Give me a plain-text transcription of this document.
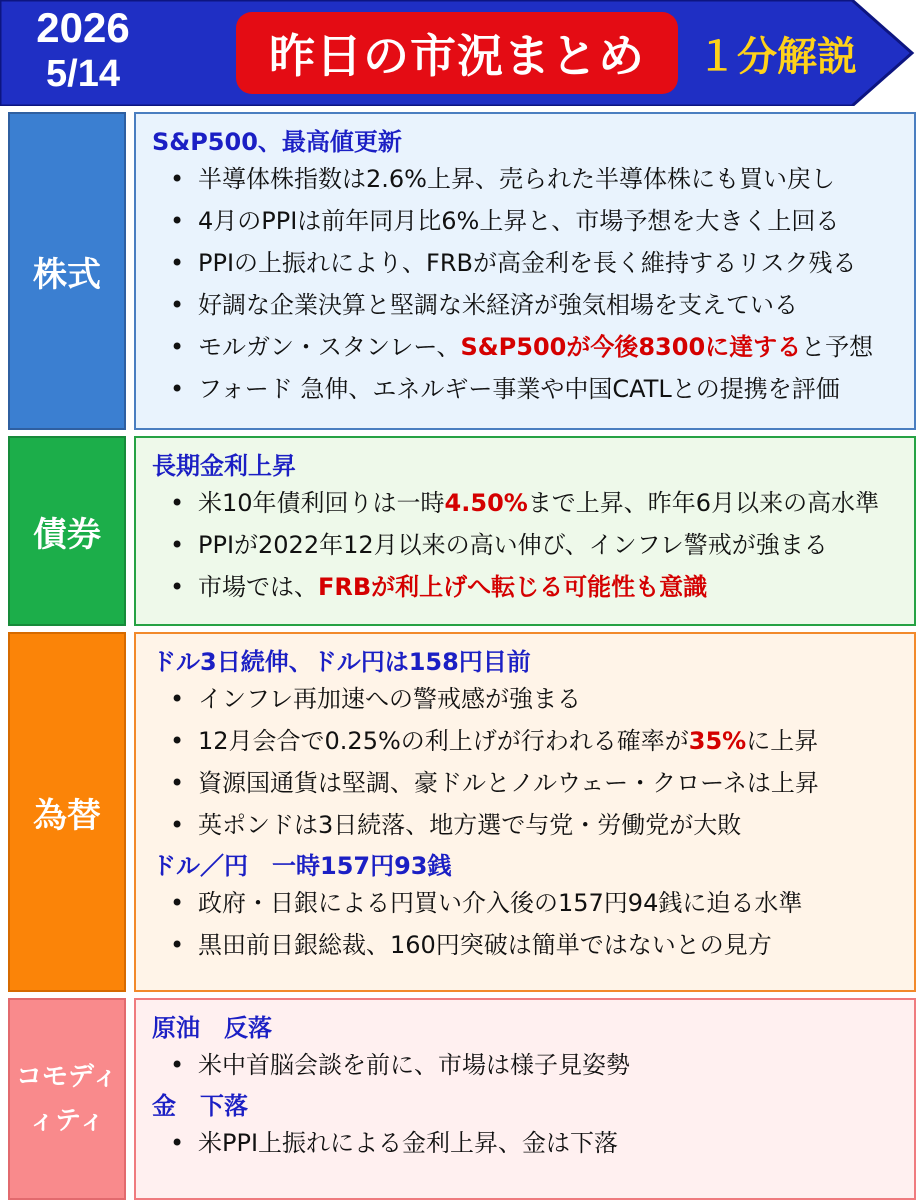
2026
5/14	昨日の市況まとめ	１分解説
株式
S&P500、最高値更新
• 半導体株指数は2.6%上昇、売られた半導体株にも買い戻し
• 4月のPPIは前年同月比6%上昇と、市場予想を大きく上回る
• PPIの上振れにより、FRBが高金利を長く維持するリスク残る
• 好調な企業決算と堅調な米経済が強気相場を支えている
• モルガン・スタンレー、S&P500が今後8300に達すると予想
• フォード 急伸、エネルギー事業や中国CATLとの提携を評価
債券
長期金利上昇
• 米10年債利回りは一時4.50%まで上昇、昨年6月以来の高水準
• PPIが2022年12月以来の高い伸び、インフレ警戒が強まる
• 市場では、FRBが利上げへ転じる可能性も意識
為替
ドル3日続伸、ドル円は158円目前
• インフレ再加速への警戒感が強まる
• 12月会合で0.25%の利上げが行われる確率が35%に上昇
• 資源国通貨は堅調、豪ドルとノルウェー・クローネは上昇
• 英ポンドは3日続落、地方選で与党・労働党が大敗
ドル／円　一時157円93銭
• 政府・日銀による円買い介入後の157円94銭に迫る水準
• 黒田前日銀総裁、160円突破は簡単ではないとの見方
コモディ
ィティ
原油　反落
• 米中首脳会談を前に、市場は様子見姿勢
金　下落
• 米PPI上振れによる金利上昇、金は下落
